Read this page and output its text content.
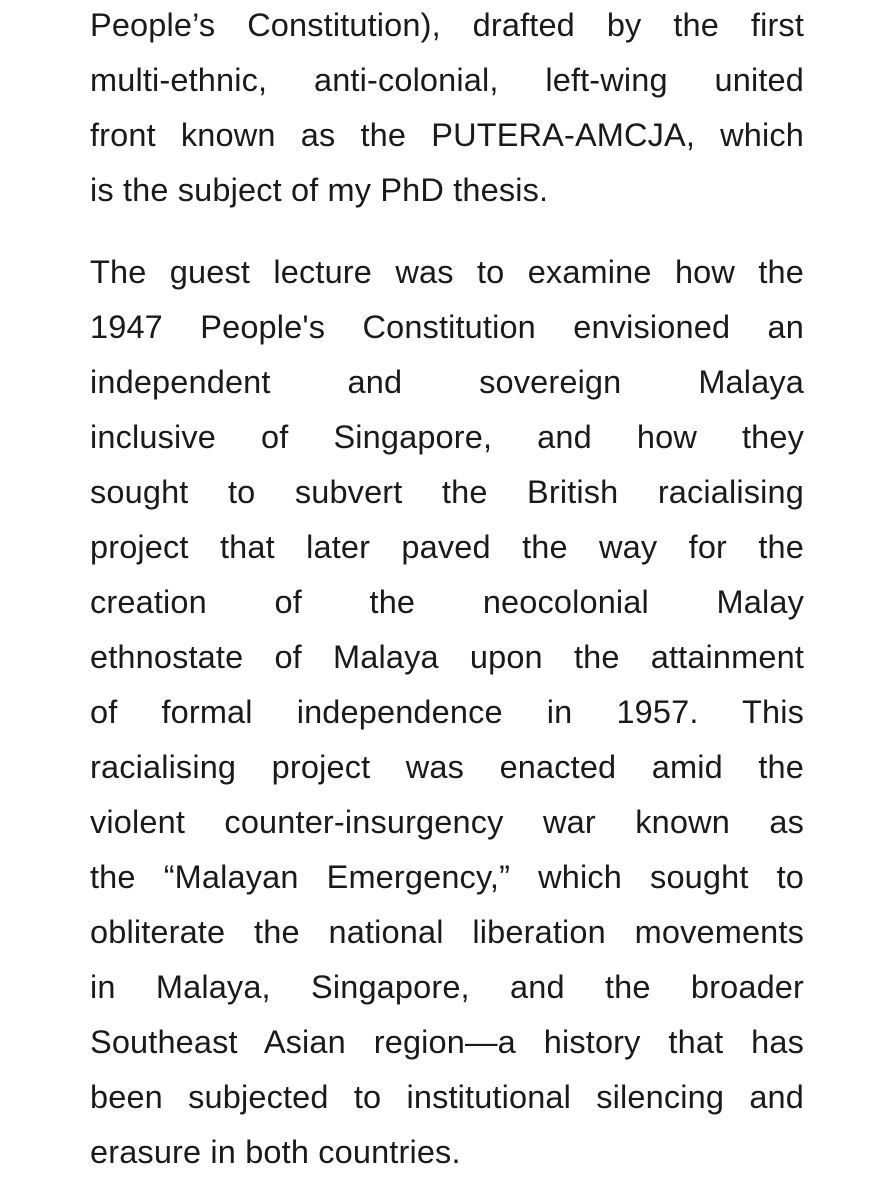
People’s Constitution), drafted by the first
multi-ethnic, anti-colonial, left-wing united
front known as the PUTERA-AMCJA, which
is the subject of my PhD thesis.
The guest lecture was to examine how the
1947 People's Constitution envisioned an
independent and sovereign Malaya
inclusive of Singapore, and how they
sought to subvert the British racialising
project that later paved the way for the
creation of the neocolonial Malay
ethnostate of Malaya upon the attainment
of formal independence in 1957. This
racialising project was enacted amid the
violent counter-insurgency war known as
the “Malayan Emergency,” which sought to
obliterate the national liberation movements
in Malaya, Singapore, and the broader
Southeast Asian region—a history that has
been subjected to institutional silencing and
erasure in both countries.
